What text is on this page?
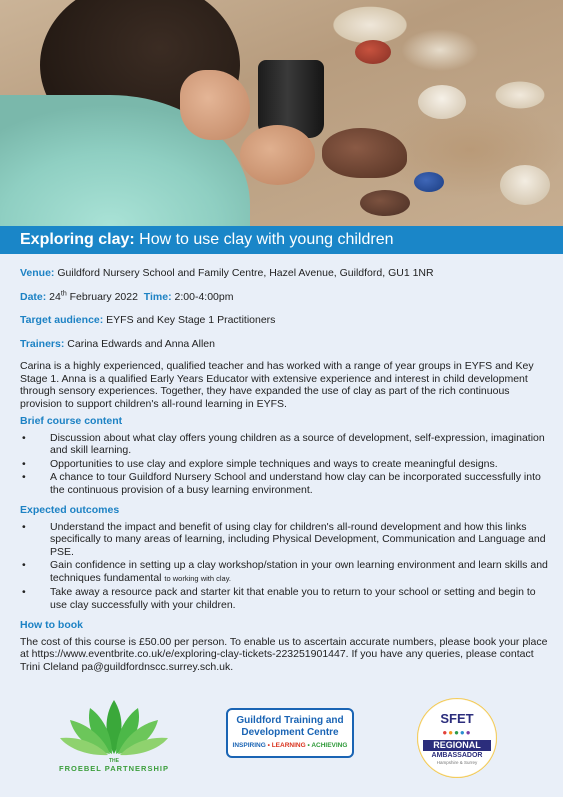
Exploring clay: How to use clay with young children
Venue: Guildford Nursery School and Family Centre, Hazel Avenue, Guildford, GU1 1NR
Date: 24th February 2022 Time: 2:00-4:00pm
Target audience: EYFS and Key Stage 1 Practitioners
Trainers: Carina Edwards and Anna Allen

Carina is a highly experienced, qualified teacher and has worked with a range of year groups in EYFS and Key Stage 1. Anna is a qualified Early Years Educator with extensive experience and interest in child development through sensory experiences. Together, they have expanded the use of clay as part of the rich continuous provision to support children's all-round learning in EYFS.

Brief course content
• Discussion about what clay offers young children as a source of development, self-expression, imagination and skill learning.
• Opportunities to use clay and explore simple techniques and ways to create meaningful designs.
• A chance to tour Guildford Nursery School and understand how clay can be incorporated successfully into the continuous provision of a busy learning environment.
Expected outcomes
• Understand the impact and benefit of using clay for children's all-round development and how this links specifically to many areas of learning, including Physical Development, Communication and Language and PSE.
• Gain confidence in setting up a clay workshop/station in your own learning environment and learn skills and techniques fundamental to working with clay.
• Take away a resource pack and starter kit that enable you to return to your school or setting and begin to use clay successfully with your children.
How to book
The cost of this course is £50.00 per person. To enable us to ascertain accurate numbers, please book your place at https://www.eventbrite.co.uk/e/exploring-clay-tickets-223251901447. If you have any queries, please contact Trini Cleland pa@guildfordnscc.surrey.sch.uk.
THE
FROEBEL PARTNERSHIP
Guildford Training and Development Centre
INSPIRING • LEARNING • ACHIEVING
SFET
●●●●●
REGIONAL
AMBASSADOR
Hampshire & Surrey
